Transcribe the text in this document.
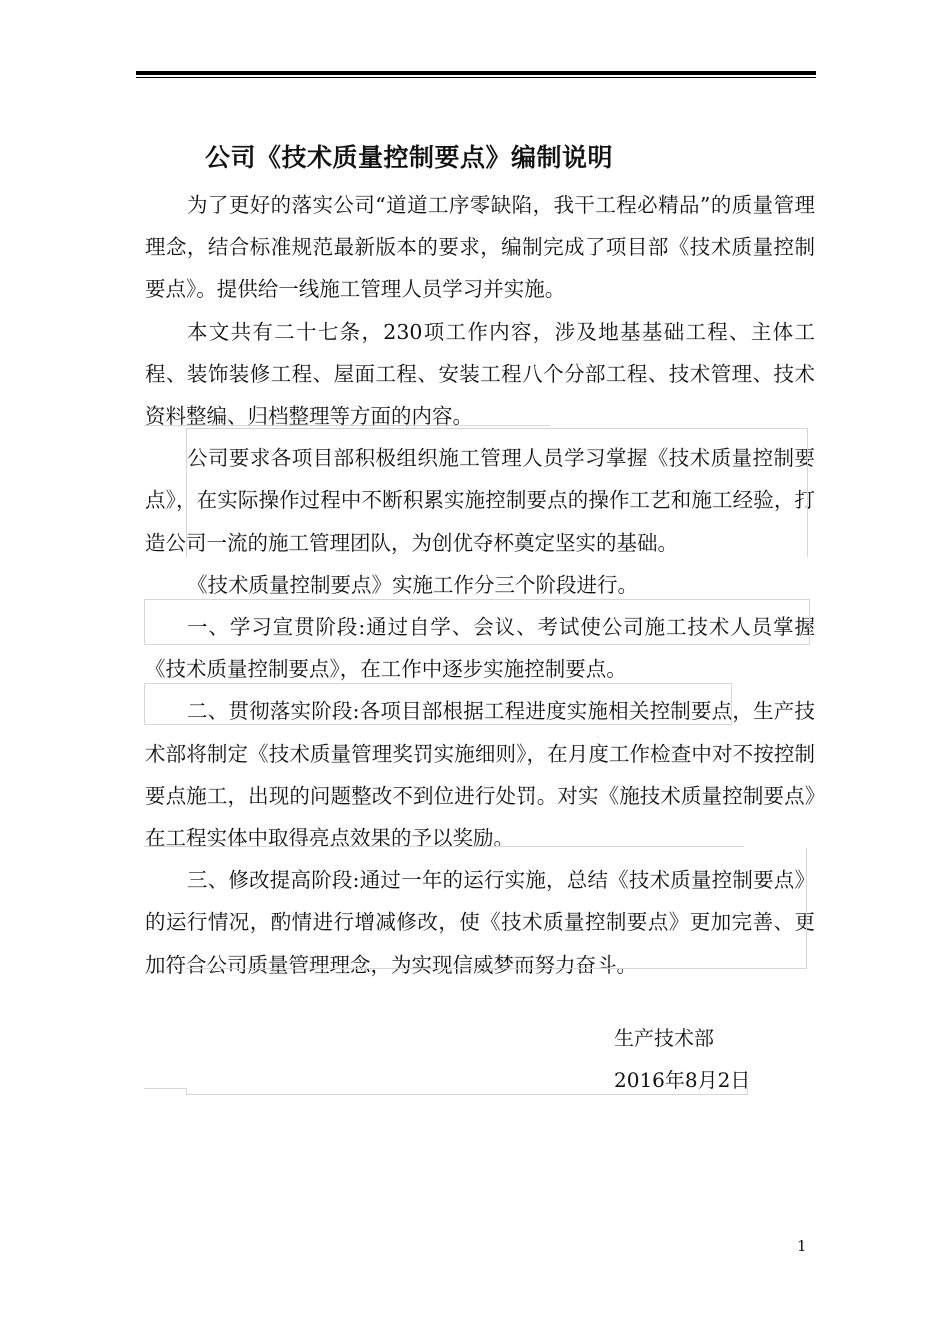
公司《技术质量控制要点》编制说明

为了更好的落实公司“道道工序零缺陷，我干工程必精品”的质量管理理念，结合标准规范最新版本的要求，编制完成了项目部《技术质量控制要点》。提供给一线施工管理人员学习并实施。

本文共有二十七条，230项工作内容，涉及地基基础工程、主体工程、装饰装修工程、屋面工程、安装工程八个分部工程、技术管理、技术资料整编、归档整理等方面的内容。

公司要求各项目部积极组织施工管理人员学习掌握《技术质量控制要点》，在实际操作过程中不断积累实施控制要点的操作工艺和施工经验，打造公司一流的施工管理团队，为创优夺杯奠定坚实的基础。

《技术质量控制要点》实施工作分三个阶段进行。

一、学习宣贯阶段:通过自学、会议、考试使公司施工技术人员掌握《技术质量控制要点》，在工作中逐步实施控制要点。

二、贯彻落实阶段:各项目部根据工程进度实施相关控制要点，生产技术部将制定《技术质量管理奖罚实施细则》，在月度工作检查中对不按控制要点施工，出现的问题整改不到位进行处罚。对实《施技术质量控制要点》在工程实体中取得亮点效果的予以奖励。

三、修改提高阶段:通过一年的运行实施，总结《技术质量控制要点》的运行情况，酌情进行增减修改，使《技术质量控制要点》更加完善、更加符合公司质量管理理念，为实现信威梦而努力奋斗。

生产技术部
2016年8月2日
1
